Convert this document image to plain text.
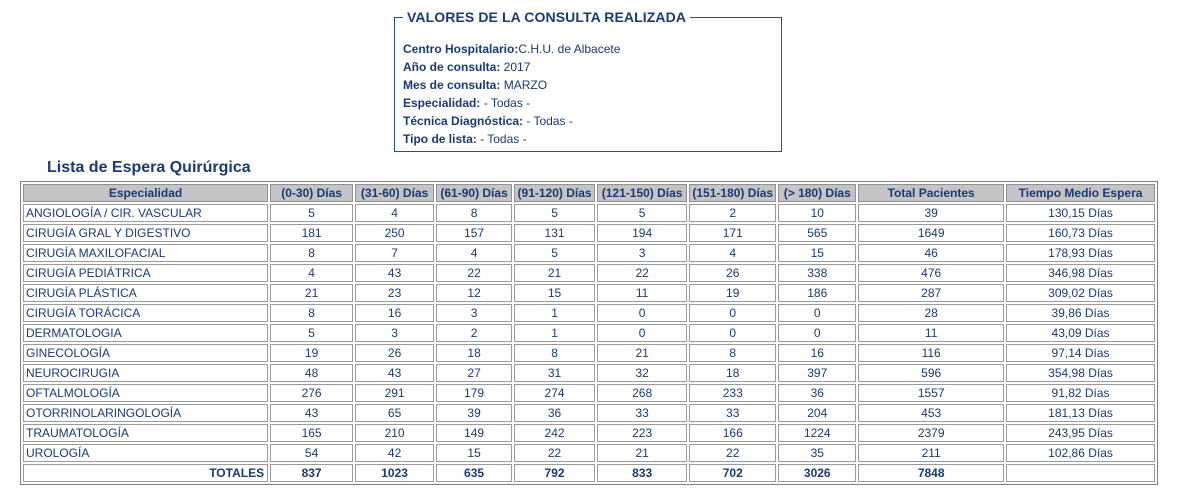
VALORES DE LA CONSULTA REALIZADA
Centro Hospitalario:C.H.U. de Albacete
Año de consulta: 2017
Mes de consulta: MARZO
Especialidad: - Todas -
Técnica Diagnóstica: - Todas -
Tipo de lista: - Todas -
Lista de Espera Quirúrgica
Especialidad	(0-30) Días	(31-60) Días	(61-90) Días	(91-120) Días	(121-150) Días	(151-180) Días	(> 180) Días	Total Pacientes	Tiempo Medio Espera
ANGIOLOGÍA / CIR. VASCULAR	5	4	8	5	5	2	10	39	130,15 Días
CIRUGÍA GRAL Y DIGESTIVO	181	250	157	131	194	171	565	1649	160,73 Días
CIRUGÍA MAXILOFACIAL	8	7	4	5	3	4	15	46	178,93 Días
CIRUGÍA PEDIÁTRICA	4	43	22	21	22	26	338	476	346,98 Días
CIRUGÍA PLÁSTICA	21	23	12	15	11	19	186	287	309,02 Días
CIRUGÍA TORÁCICA	8	16	3	1	0	0	0	28	39,86 Días
DERMATOLOGIA	5	3	2	1	0	0	0	11	43,09 Días
GINECOLOGÍA	19	26	18	8	21	8	16	116	97,14 Días
NEUROCIRUGIA	48	43	27	31	32	18	397	596	354,98 Días
OFTALMOLOGÍA	276	291	179	274	268	233	36	1557	91,82 Días
OTORRINOLARINGOLOGÍA	43	65	39	36	33	33	204	453	181,13 Días
TRAUMATOLOGÍA	165	210	149	242	223	166	1224	2379	243,95 Días
UROLOGÍA	54	42	15	22	21	22	35	211	102,86 Días
TOTALES	837	1023	635	792	833	702	3026	7848	
